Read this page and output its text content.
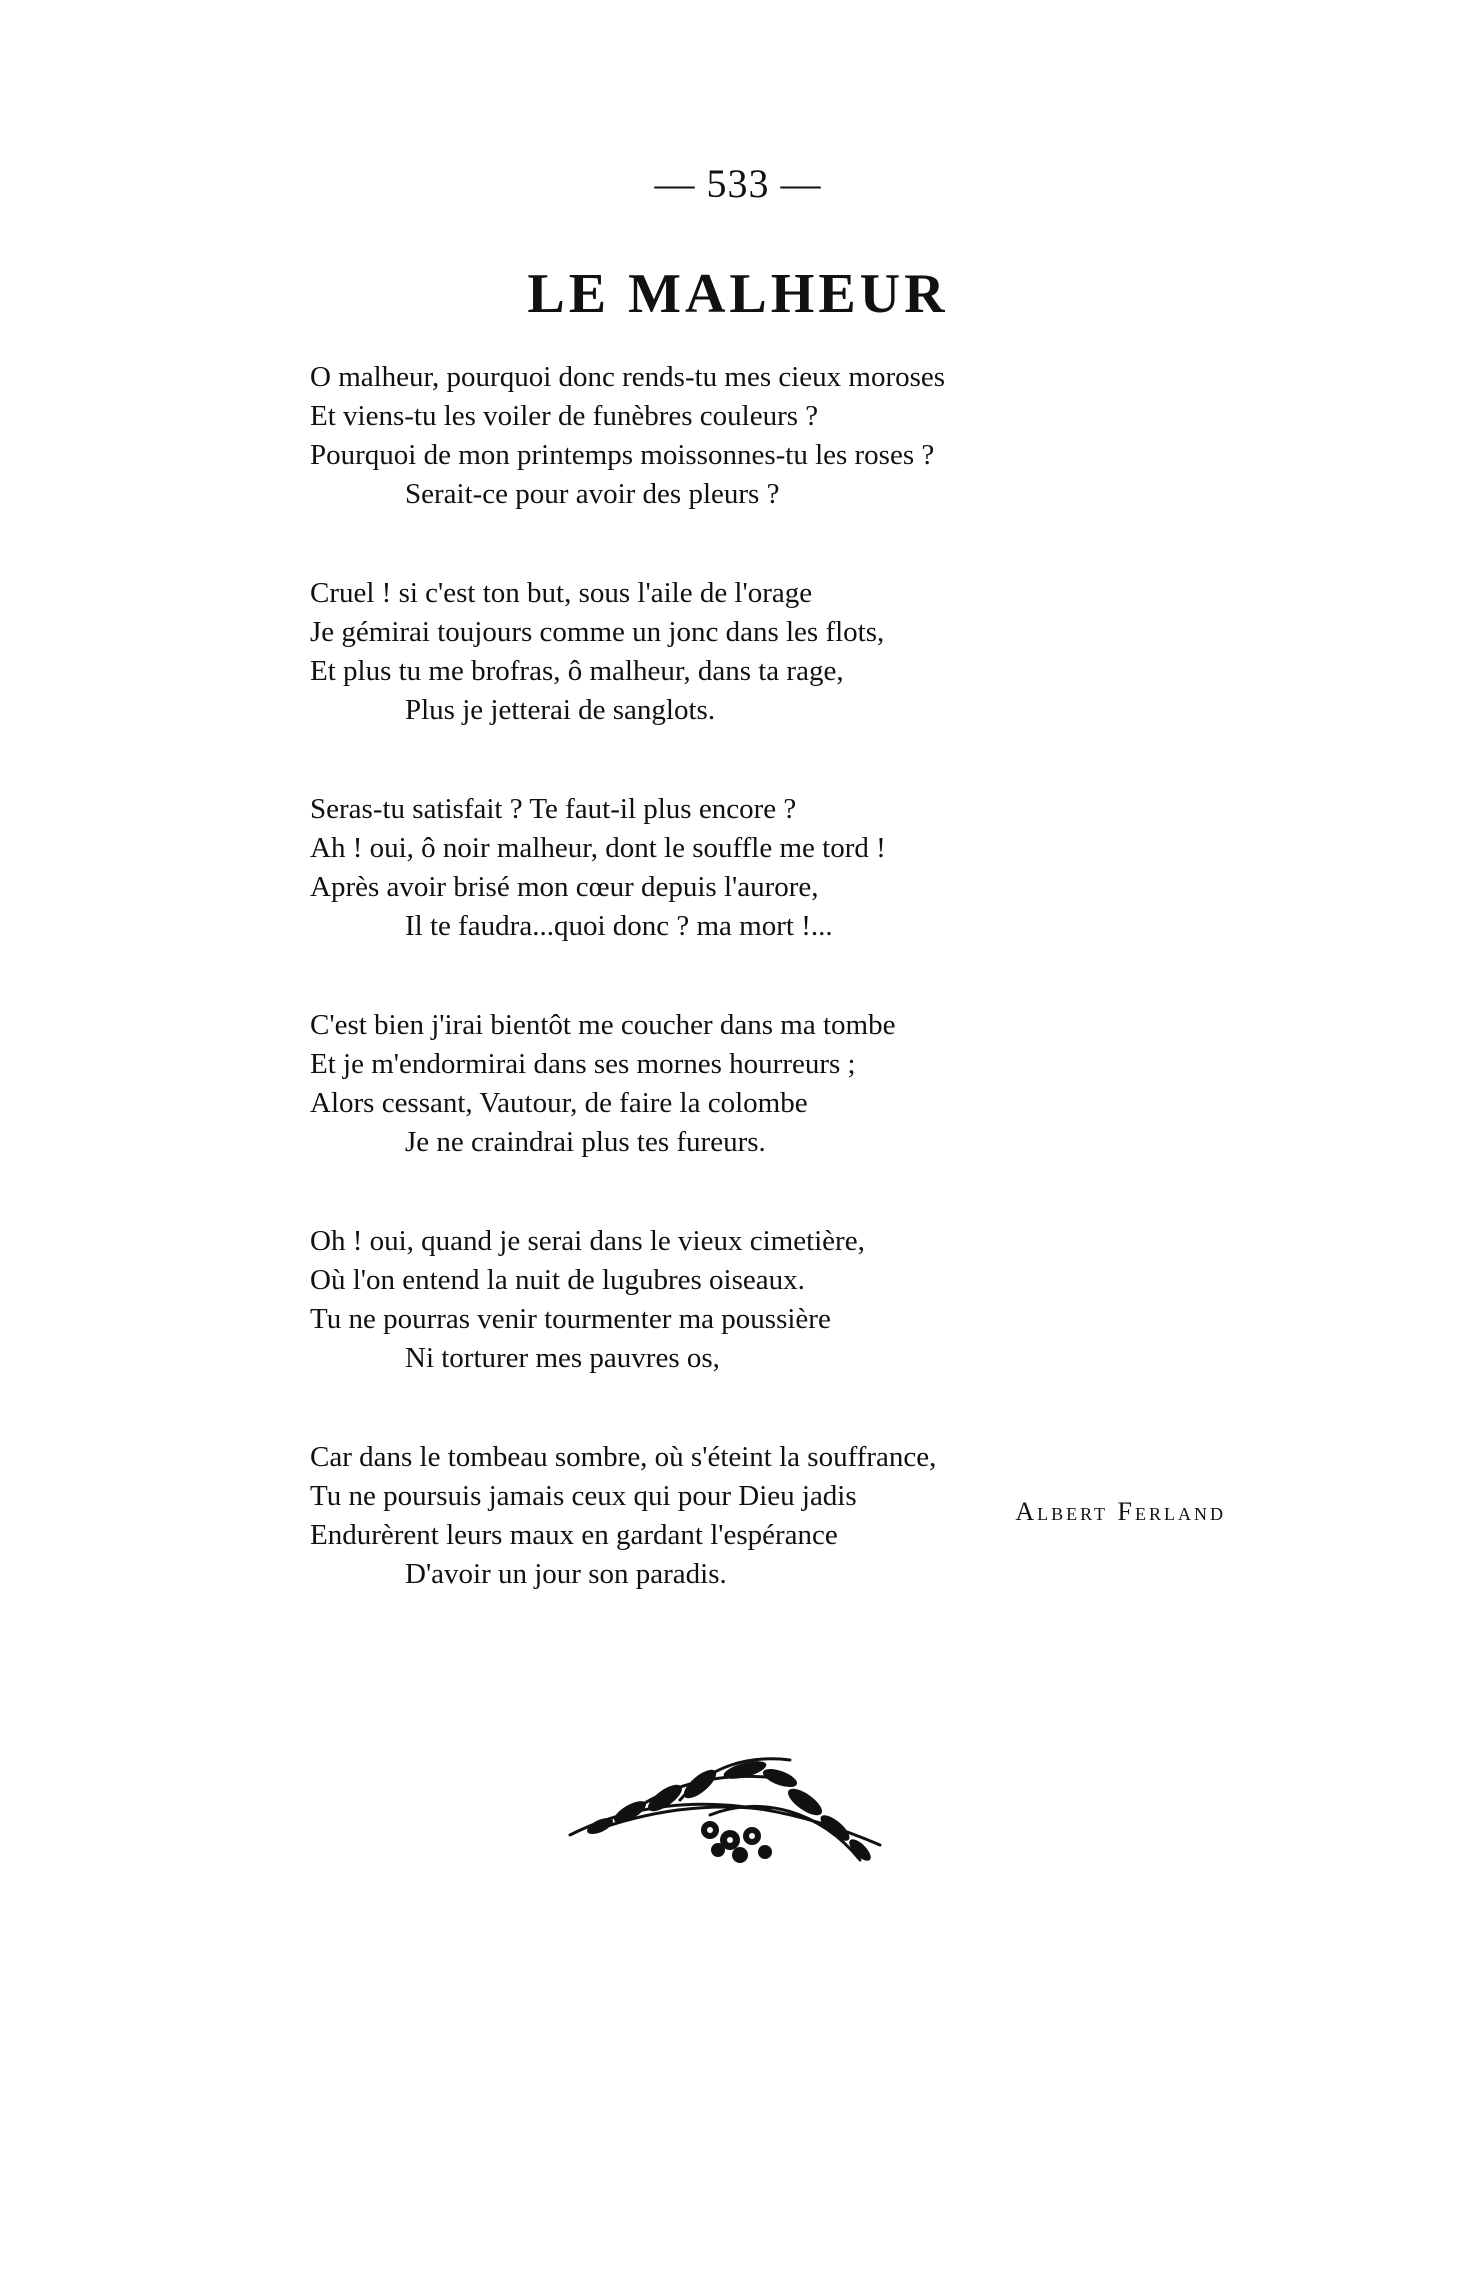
— 533 —
LE MALHEUR
O malheur, pourquoi donc rends-tu mes cieux moroses
Et viens-tu les voiler de funèbres couleurs ?
Pourquoi de mon printemps moissonnes-tu les roses ?
Serait-ce pour avoir des pleurs ?
Cruel ! si c'est ton but, sous l'aile de l'orage
Je gémirai toujours comme un jonc dans les flots,
Et plus tu me brofras, ô malheur, dans ta rage,
Plus je jetterai de sanglots.
Seras-tu satisfait ? Te faut-il plus encore ?
Ah ! oui, ô noir malheur, dont le souffle me tord !
Après avoir brisé mon cœur depuis l'aurore,
Il te faudra...quoi donc ? ma mort !...
C'est bien j'irai bientôt me coucher dans ma tombe
Et je m'endormirai dans ses mornes hourreurs ;
Alors cessant, Vautour, de faire la colombe
Je ne craindrai plus tes fureurs.
Oh ! oui, quand je serai dans le vieux cimetière,
Où l'on entend la nuit de lugubres oiseaux.
Tu ne pourras venir tourmenter ma poussière
Ni torturer mes pauvres os,
Car dans le tombeau sombre, où s'éteint la souffrance,
Tu ne poursuis jamais ceux qui pour Dieu jadis
Endurèrent leurs maux en gardant l'espérance
D'avoir un jour son paradis.
Albert Ferland
